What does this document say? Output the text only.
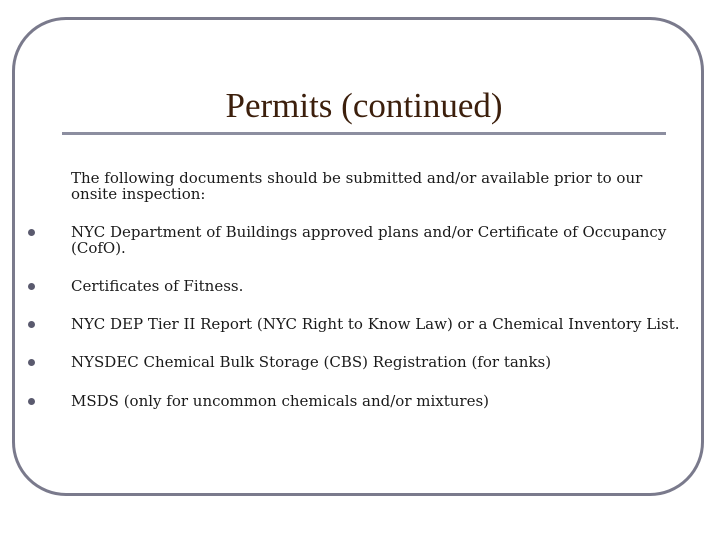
Permits (continued)
The following documents should be submitted and/or available prior to our onsite inspection:
NYC Department of Buildings approved plans and/or Certificate of Occupancy (CofO).
Certificates of Fitness.
NYC DEP Tier II Report (NYC Right to Know Law) or a Chemical Inventory List.
NYSDEC Chemical Bulk Storage (CBS) Registration (for tanks)
MSDS (only for uncommon chemicals and/or mixtures)
